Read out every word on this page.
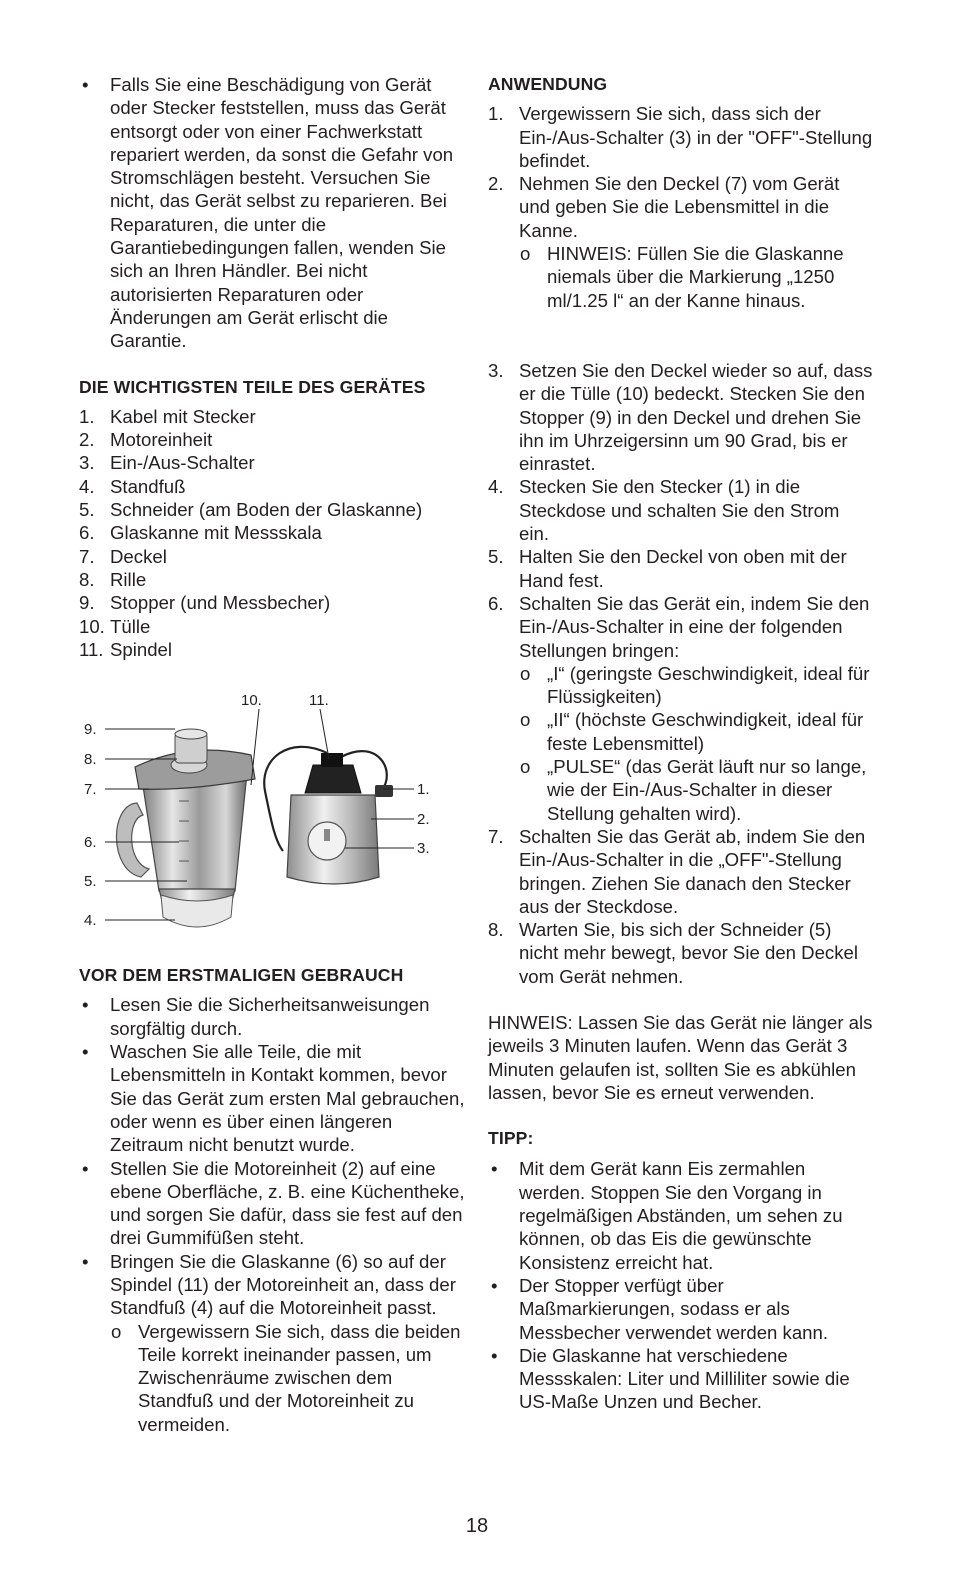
• Falls Sie eine Beschädigung von Gerät oder Stecker feststellen, muss das Gerät entsorgt oder von einer Fachwerkstatt repariert werden, da sonst die Gefahr von Stromschlägen besteht. Versuchen Sie nicht, das Gerät selbst zu reparieren. Bei Reparaturen, die unter die Garantiebedingungen fallen, wenden Sie sich an Ihren Händler. Bei nicht autorisierten Reparaturen oder Änderungen am Gerät erlischt die Garantie.
DIE WICHTIGSTEN TEILE DES GERÄTES
1. Kabel mit Stecker
2. Motoreinheit
3. Ein-/Aus-Schalter
4. Standfuß
5. Schneider (am Boden der Glaskanne)
6. Glaskanne mit Messskala
7. Deckel
8. Rille
9. Stopper (und Messbecher)
10. Tülle
11. Spindel
9.
8.
7.
6.
5.
4.
10.	11.
1.
2.
3.
VOR DEM ERSTMALIGEN GEBRAUCH
• Lesen Sie die Sicherheitsanweisungen sorgfältig durch.
• Waschen Sie alle Teile, die mit Lebensmitteln in Kontakt kommen, bevor Sie das Gerät zum ersten Mal gebrauchen, oder wenn es über einen längeren Zeitraum nicht benutzt wurde.
• Stellen Sie die Motoreinheit (2) auf eine ebene Oberfläche, z. B. eine Küchentheke, und sorgen Sie dafür, dass sie fest auf den drei Gummifüßen steht.
• Bringen Sie die Glaskanne (6) so auf der Spindel (11) der Motoreinheit an, dass der Standfuß (4) auf die Motoreinheit passt.
o Vergewissern Sie sich, dass die beiden Teile korrekt ineinander passen, um Zwischenräume zwischen dem Standfuß und der Motoreinheit zu vermeiden.
ANWENDUNG
1. Vergewissern Sie sich, dass sich der Ein-/Aus-Schalter (3) in der "OFF"-Stellung befindet.
2. Nehmen Sie den Deckel (7) vom Gerät und geben Sie die Lebensmittel in die Kanne.
o HINWEIS: Füllen Sie die Glaskanne niemals über die Markierung „1250 ml/1.25 l“ an der Kanne hinaus.
3. Setzen Sie den Deckel wieder so auf, dass er die Tülle (10) bedeckt. Stecken Sie den Stopper (9) in den Deckel und drehen Sie ihn im Uhrzeigersinn um 90 Grad, bis er einrastet.
4. Stecken Sie den Stecker (1) in die Steckdose und schalten Sie den Strom ein.
5. Halten Sie den Deckel von oben mit der Hand fest.
6. Schalten Sie das Gerät ein, indem Sie den Ein-/Aus-Schalter in eine der folgenden Stellungen bringen:
o „I“ (geringste Geschwindigkeit, ideal für Flüssigkeiten)
o „II“ (höchste Geschwindigkeit, ideal für feste Lebensmittel)
o „PULSE“ (das Gerät läuft nur so lange, wie der Ein-/Aus-Schalter in dieser Stellung gehalten wird).
7. Schalten Sie das Gerät ab, indem Sie den Ein-/Aus-Schalter in die „OFF"-Stellung bringen. Ziehen Sie danach den Stecker aus der Steckdose.
8. Warten Sie, bis sich der Schneider (5) nicht mehr bewegt, bevor Sie den Deckel vom Gerät nehmen.

HINWEIS: Lassen Sie das Gerät nie länger als jeweils 3 Minuten laufen. Wenn das Gerät 3 Minuten gelaufen ist, sollten Sie es abkühlen lassen, bevor Sie es erneut verwenden.

TIPP:
• Mit dem Gerät kann Eis zermahlen werden. Stoppen Sie den Vorgang in regelmäßigen Abständen, um sehen zu können, ob das Eis die gewünschte Konsistenz erreicht hat.
• Der Stopper verfügt über Maßmarkierungen, sodass er als Messbecher verwendet werden kann.
• Die Glaskanne hat verschiedene Messskalen: Liter und Milliliter sowie die US-Maße Unzen und Becher.
18
